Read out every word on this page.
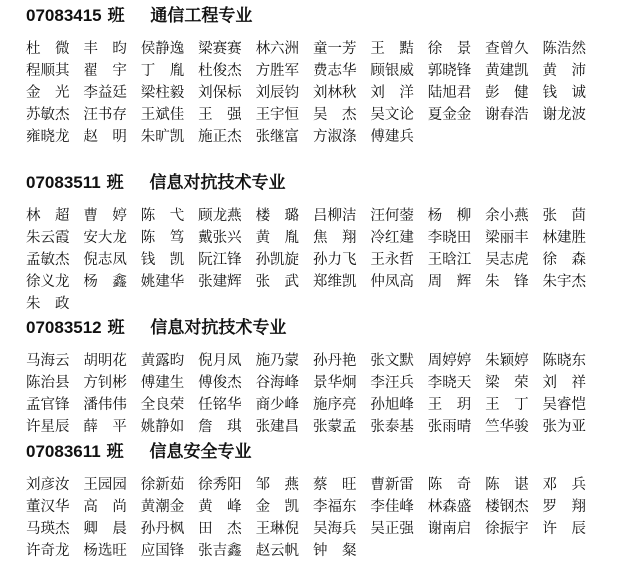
07083415 班 通信工程专业
杜　微 丰　昀 侯静逸 梁赛赛 林六洲 童一芳 王　黠 徐　景 查曾久 陈浩然
程顺其 翟　宇 丁　胤 杜俊杰 方胜军 费志华 顾银威 郭晓锋 黄建凯 黄　沛
金　光 李益廷 梁柱毅 刘保标 刘辰钧 刘林秋 刘　洋 陆旭君 彭　健 钱　诚
苏敏杰 汪书存 王斌佳 王　强 王宇恒 吴　杰 吴文论 夏金金 谢春浩 谢龙波
雍晓龙 赵　明 朱旷凯 施正杰 张继富 方淑涤 傅建兵
07083511 班 信息对抗技术专业
林　超 曹　婷 陈　弋 顾龙燕 楼　璐 吕柳洁 汪何蓥 杨　柳 余小燕 张　茴
朱云霞 安大龙 陈　笃 戴张兴 黄　胤 焦　翔 冷红建 李晓田 梁丽丰 林建胜
孟敏杰 倪志凤 钱　凯 阮江锋 孙凯旋 孙力飞 王永哲 王晗江 吴志虎 徐　森
徐义龙 杨　鑫 姚建华 张建辉 张　武 郑维凯 仲凤高 周　辉 朱　锋 朱宇杰
朱　政
07083512 班 信息对抗技术专业
马海云 胡明花 黄露昀 倪月凤 施乃蒙 孙丹艳 张文默 周婷婷 朱颖婷 陈晓东
陈治县 方钊彬 傅建生 傅俊杰 谷海峰 景华炯 李汪兵 李晓天 梁　荣 刘　祥
孟官锋 潘伟伟 全良荣 任铭华 商少峰 施序亮 孙旭峰 王　玥 王　丁 吴睿恺
许星辰 薛　平 姚静如 詹　琪 张建昌 张蒙孟 张泰基 张雨晴 竺华骏 张为亚
07083611 班 信息安全专业
刘彦汝 王园园 徐新茹 徐秀阳 邹　燕 蔡　旺 曹新雷 陈　奇 陈　谌 邓　兵
董汉华 高　尚 黄潮金 黄　峰 金　凯 李福东 李佳峰 林森盛 楼钢杰 罗　翔
马瑛杰 卿　晨 孙丹枫 田　杰 王琳倪 吴海兵 吴正强 谢南启 徐振宇 许　辰
许奇龙 杨选旺 应国锋 张吉鑫 赵云帆 钟　粲
